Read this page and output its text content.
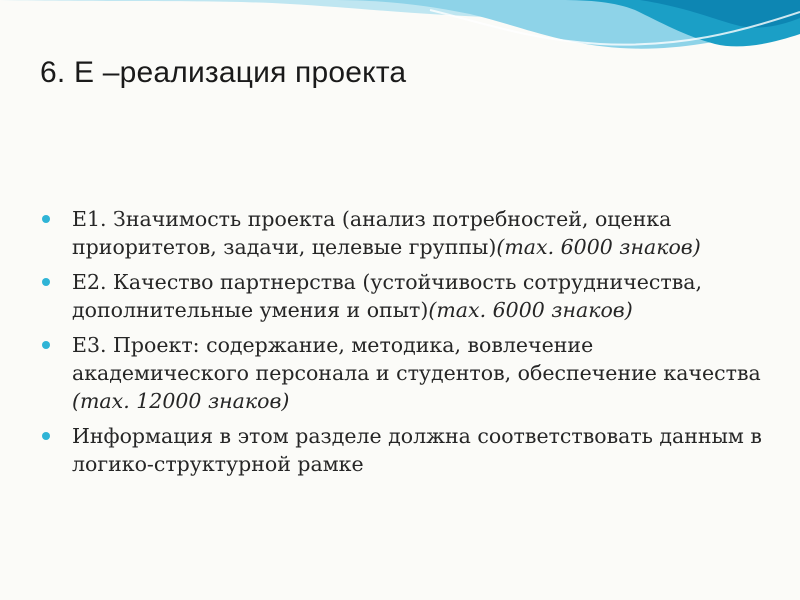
6. Е –реализация проекта
Е1. Значимость проекта (анализ потребностей, оценка приоритетов, задачи, целевые группы)(max. 6000 знаков)
Е2. Качество партнерства (устойчивость сотрудничества, дополнительные умения и опыт)(max. 6000 знаков)
Е3. Проект: содержание, методика, вовлечение академического персонала и студентов, обеспечение качества (max. 12000 знаков)
Информация в этом разделе должна соответствовать данным в логико-структурной рамке
